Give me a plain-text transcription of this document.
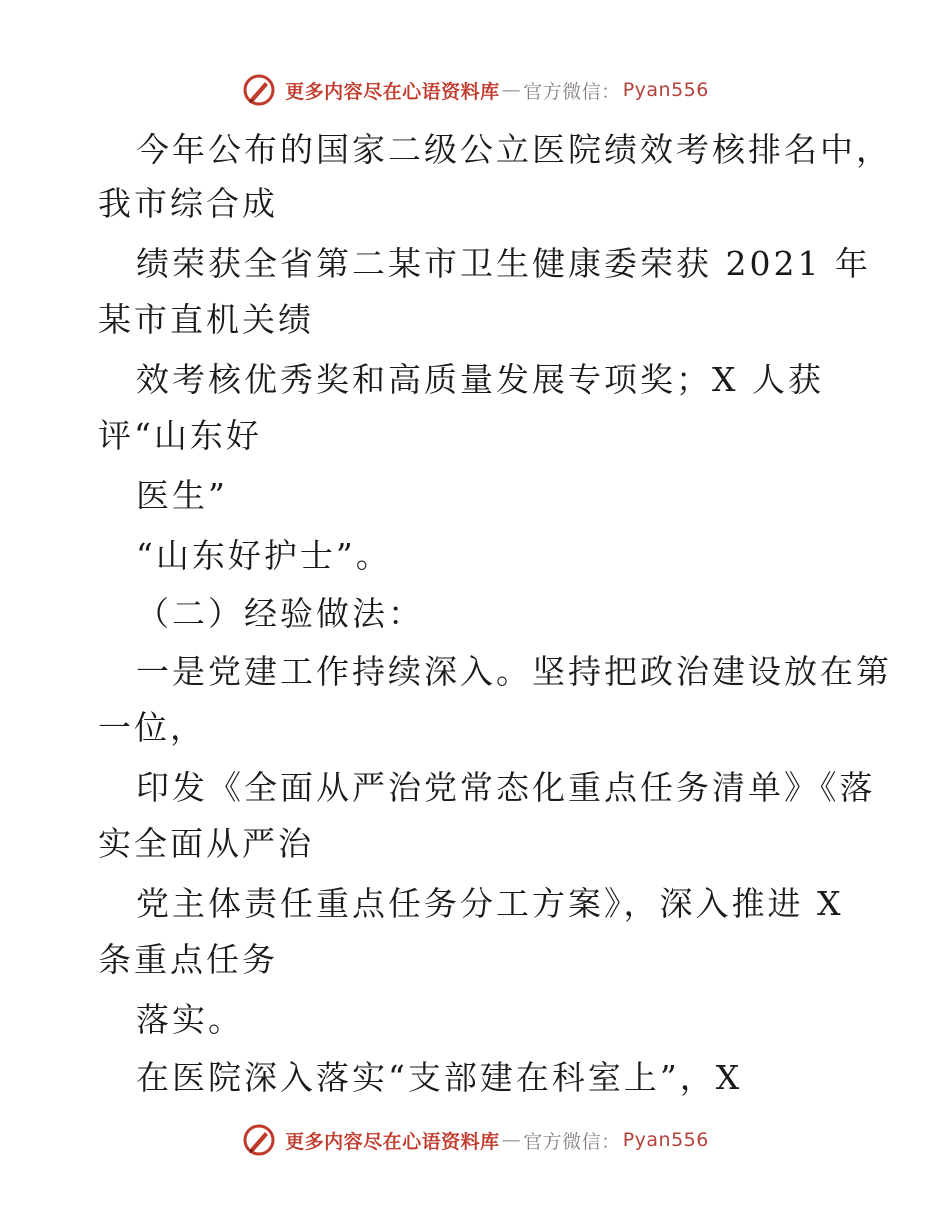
更多内容尽在心语资料库 — 官方微信： Pyan556
今年公布的国家二级公立医院绩效考核排名中，
我市综合成
绩荣获全省第二某市卫生健康委荣获 2021 年
某市直机关绩
效考核优秀奖和高质量发展专项奖；X 人获
评“山东好
医生”
“山东好护士”。
（二）经验做法：
一是党建工作持续深入。坚持把政治建设放在第
一位，
印发《全面从严治党常态化重点任务清单》《落
实全面从严治
党主体责任重点任务分工方案》，深入推进 X
条重点任务
落实。
在医院深入落实“支部建在科室上”，X
更多内容尽在心语资料库 — 官方微信： Pyan556
